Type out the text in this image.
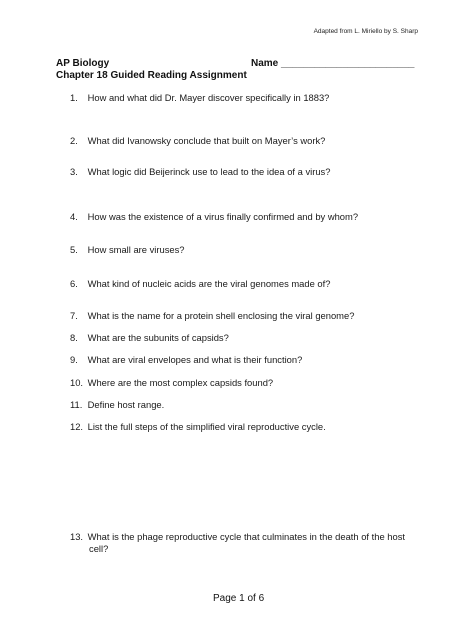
Adapted from L. Miriello by S. Sharp
AP Biology	Name ________________________
Chapter 18 Guided Reading Assignment
1. How and what did Dr. Mayer discover specifically in 1883?
2. What did Ivanowsky conclude that built on Mayer’s work?
3. What logic did Beijerinck use to lead to the idea of a virus?
4. How was the existence of a virus finally confirmed and by whom?
5. How small are viruses?
6. What kind of nucleic acids are the viral genomes made of?
7. What is the name for a protein shell enclosing the viral genome?
8. What are the subunits of capsids?
9. What are viral envelopes and what is their function?
10. Where are the most complex capsids found?
11. Define host range.
12. List the full steps of the simplified viral reproductive cycle.
13. What is the phage reproductive cycle that culminates in the death of the host
cell?
Page 1 of 6
